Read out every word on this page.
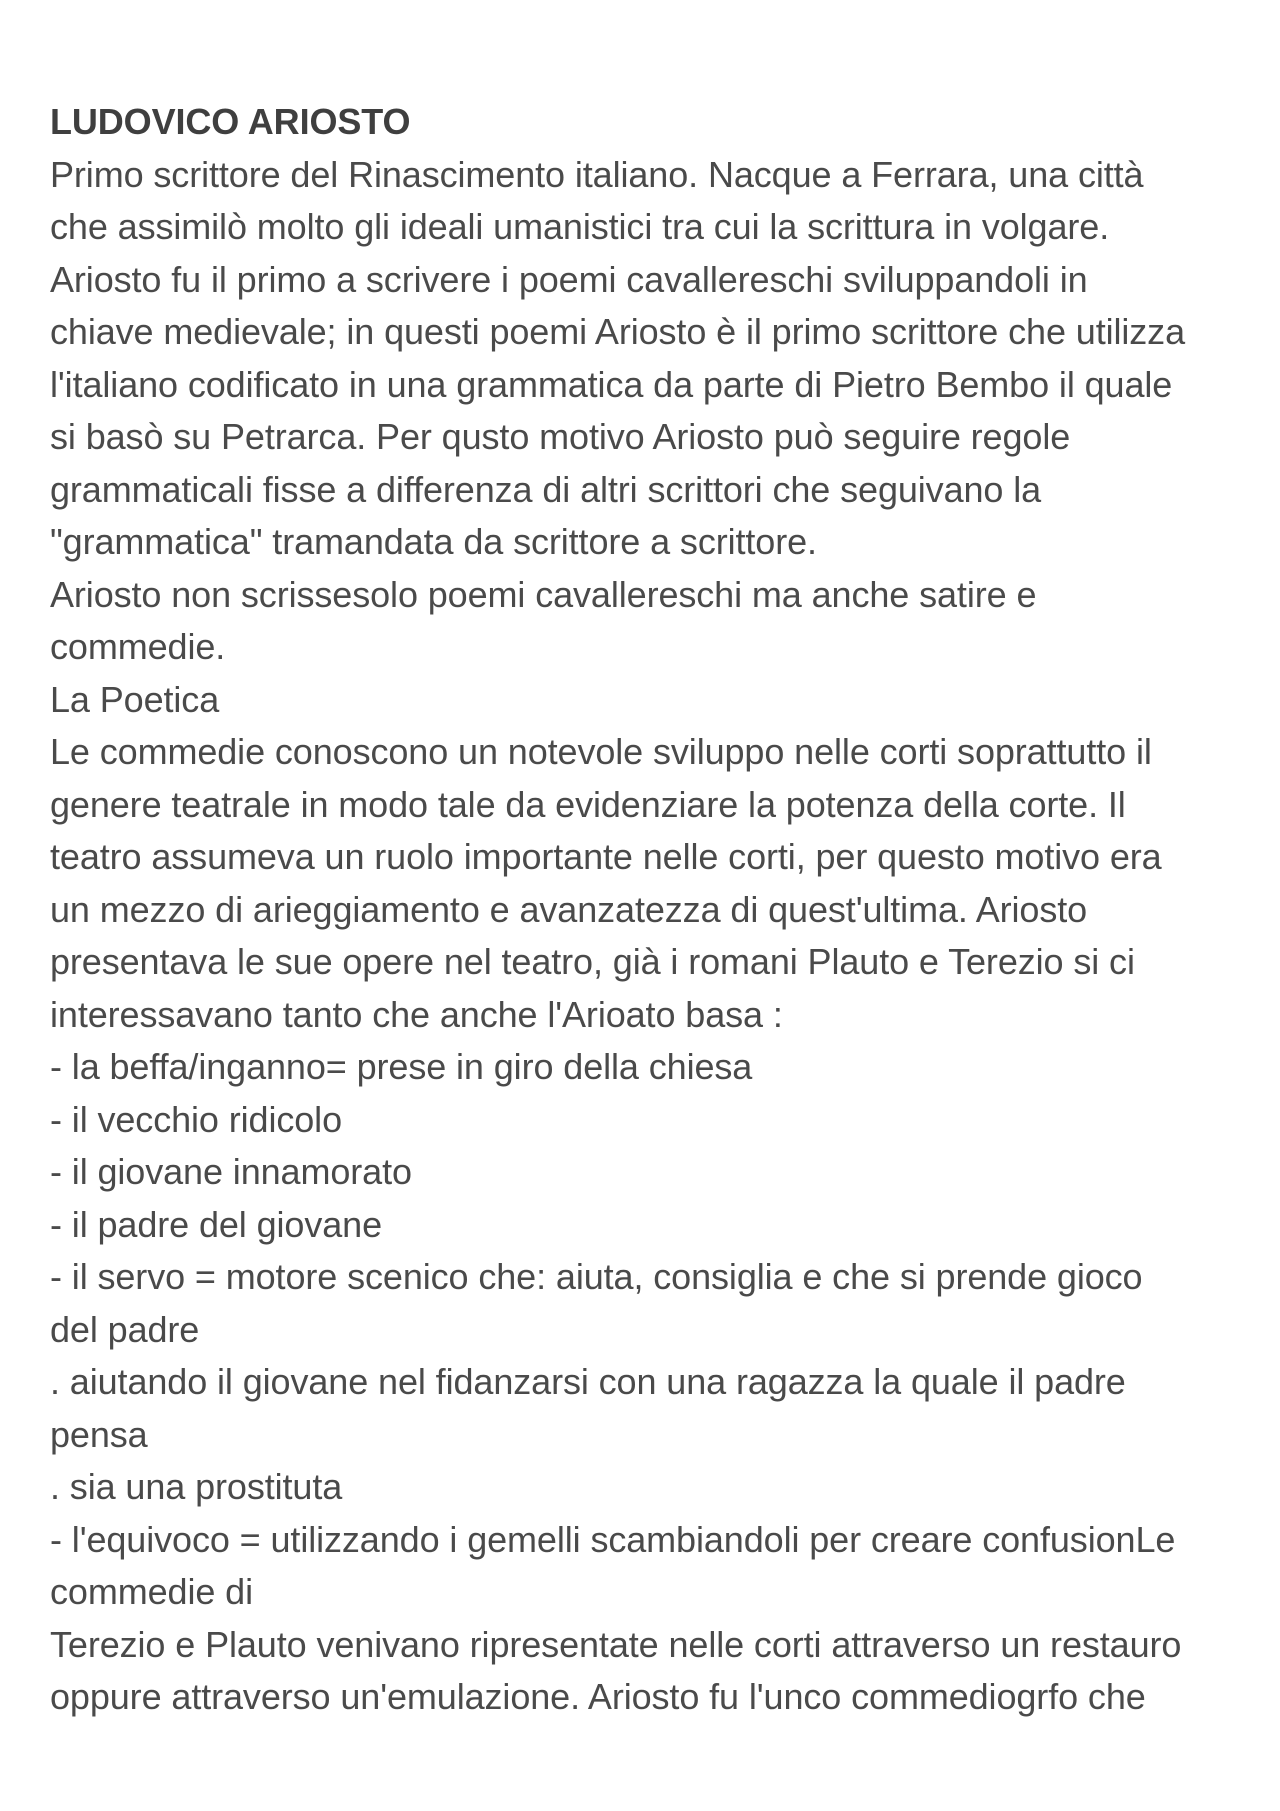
LUDOVICO ARIOSTO
Primo scrittore del Rinascimento italiano. Nacque a Ferrara, una città
che assimilò molto gli ideali umanistici tra cui la scrittura in volgare.
Ariosto fu il primo a scrivere i poemi cavallereschi sviluppandoli in
chiave medievale; in questi poemi Ariosto è il primo scrittore che utilizza
l'italiano codificato in una grammatica da parte di Pietro Bembo il quale
si basò su Petrarca. Per qusto motivo Ariosto può seguire regole
grammaticali fisse a differenza di altri scrittori che seguivano la
"grammatica" tramandata da scrittore a scrittore.
Ariosto non scrissesolo poemi cavallereschi ma anche satire e
commedie.
La Poetica
Le commedie conoscono un notevole sviluppo nelle corti soprattutto il
genere teatrale in modo tale da evidenziare la potenza della corte. Il
teatro assumeva un ruolo importante nelle corti, per questo motivo era
un mezzo di arieggiamento e avanzatezza di quest'ultima. Ariosto
presentava le sue opere nel teatro, già i romani Plauto e Terezio si ci
interessavano tanto che anche l'Arioato basa :
- la beffa/inganno= prese in giro della chiesa
- il vecchio ridicolo
- il giovane innamorato
- il padre del giovane
- il servo = motore scenico che: aiuta, consiglia e che si prende gioco
del padre
. aiutando il giovane nel fidanzarsi con una ragazza la quale il padre
pensa
. sia una prostituta
- l'equivoco = utilizzando i gemelli scambiandoli per creare confusionLe
commedie di
Terezio e Plauto venivano ripresentate nelle corti attraverso un restauro
oppure attraverso un'emulazione. Ariosto fu l'unco commediogrfo che
